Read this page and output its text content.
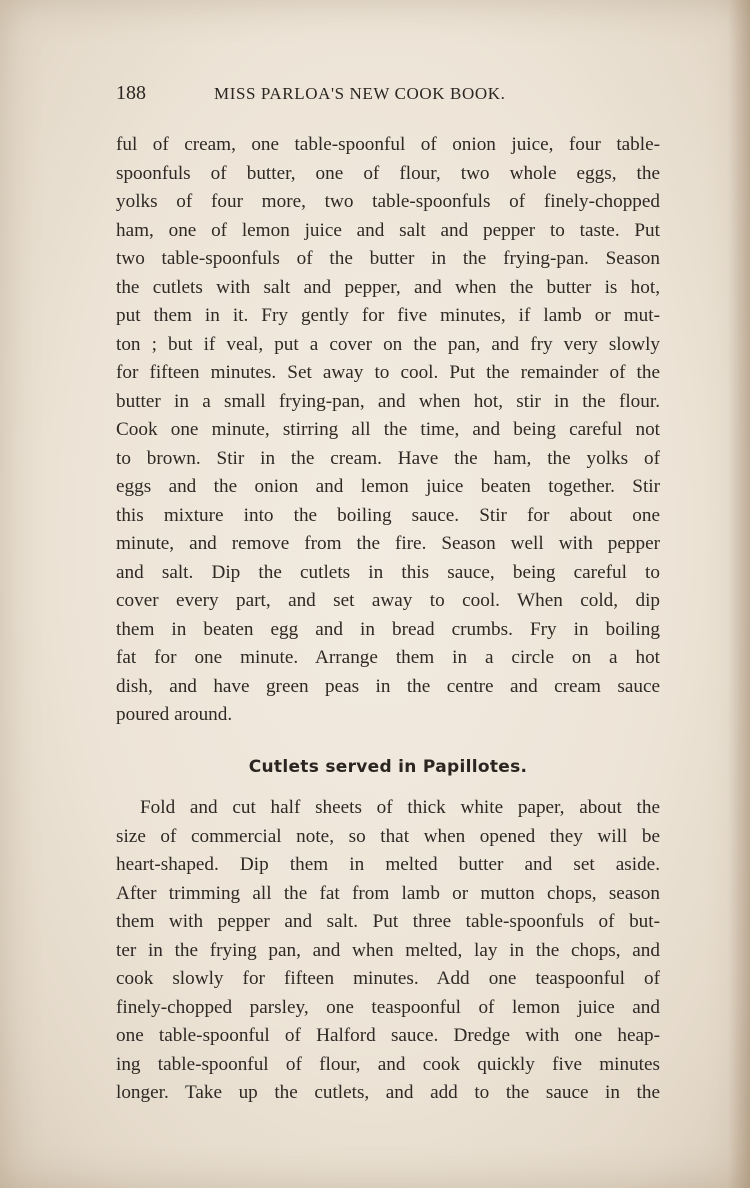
188	MISS PARLOA'S NEW COOK BOOK.
ful of cream, one table-spoonful of onion juice, four table-
spoonfuls of butter, one of flour, two whole eggs, the
yolks of four more, two table-spoonfuls of finely-chopped
ham, one of lemon juice and salt and pepper to taste. Put
two table-spoonfuls of the butter in the frying-pan. Season
the cutlets with salt and pepper, and when the butter is hot,
put them in it. Fry gently for five minutes, if lamb or mut-
ton ; but if veal, put a cover on the pan, and fry very slowly
for fifteen minutes. Set away to cool. Put the remainder of the
butter in a small frying-pan, and when hot, stir in the flour.
Cook one minute, stirring all the time, and being careful not
to brown. Stir in the cream. Have the ham, the yolks of
eggs and the onion and lemon juice beaten together. Stir
this mixture into the boiling sauce. Stir for about one
minute, and remove from the fire. Season well with pepper
and salt. Dip the cutlets in this sauce, being careful to
cover every part, and set away to cool. When cold, dip
them in beaten egg and in bread crumbs. Fry in boiling
fat for one minute. Arrange them in a circle on a hot
dish, and have green peas in the centre and cream sauce
poured around.
Cutlets served in Papillotes.
Fold and cut half sheets of thick white paper, about the
size of commercial note, so that when opened they will be
heart-shaped. Dip them in melted butter and set aside.
After trimming all the fat from lamb or mutton chops, season
them with pepper and salt. Put three table-spoonfuls of but-
ter in the frying pan, and when melted, lay in the chops, and
cook slowly for fifteen minutes. Add one teaspoonful of
finely-chopped parsley, one teaspoonful of lemon juice and
one table-spoonful of Halford sauce. Dredge with one heap-
ing table-spoonful of flour, and cook quickly five minutes
longer. Take up the cutlets, and add to the sauce in the
